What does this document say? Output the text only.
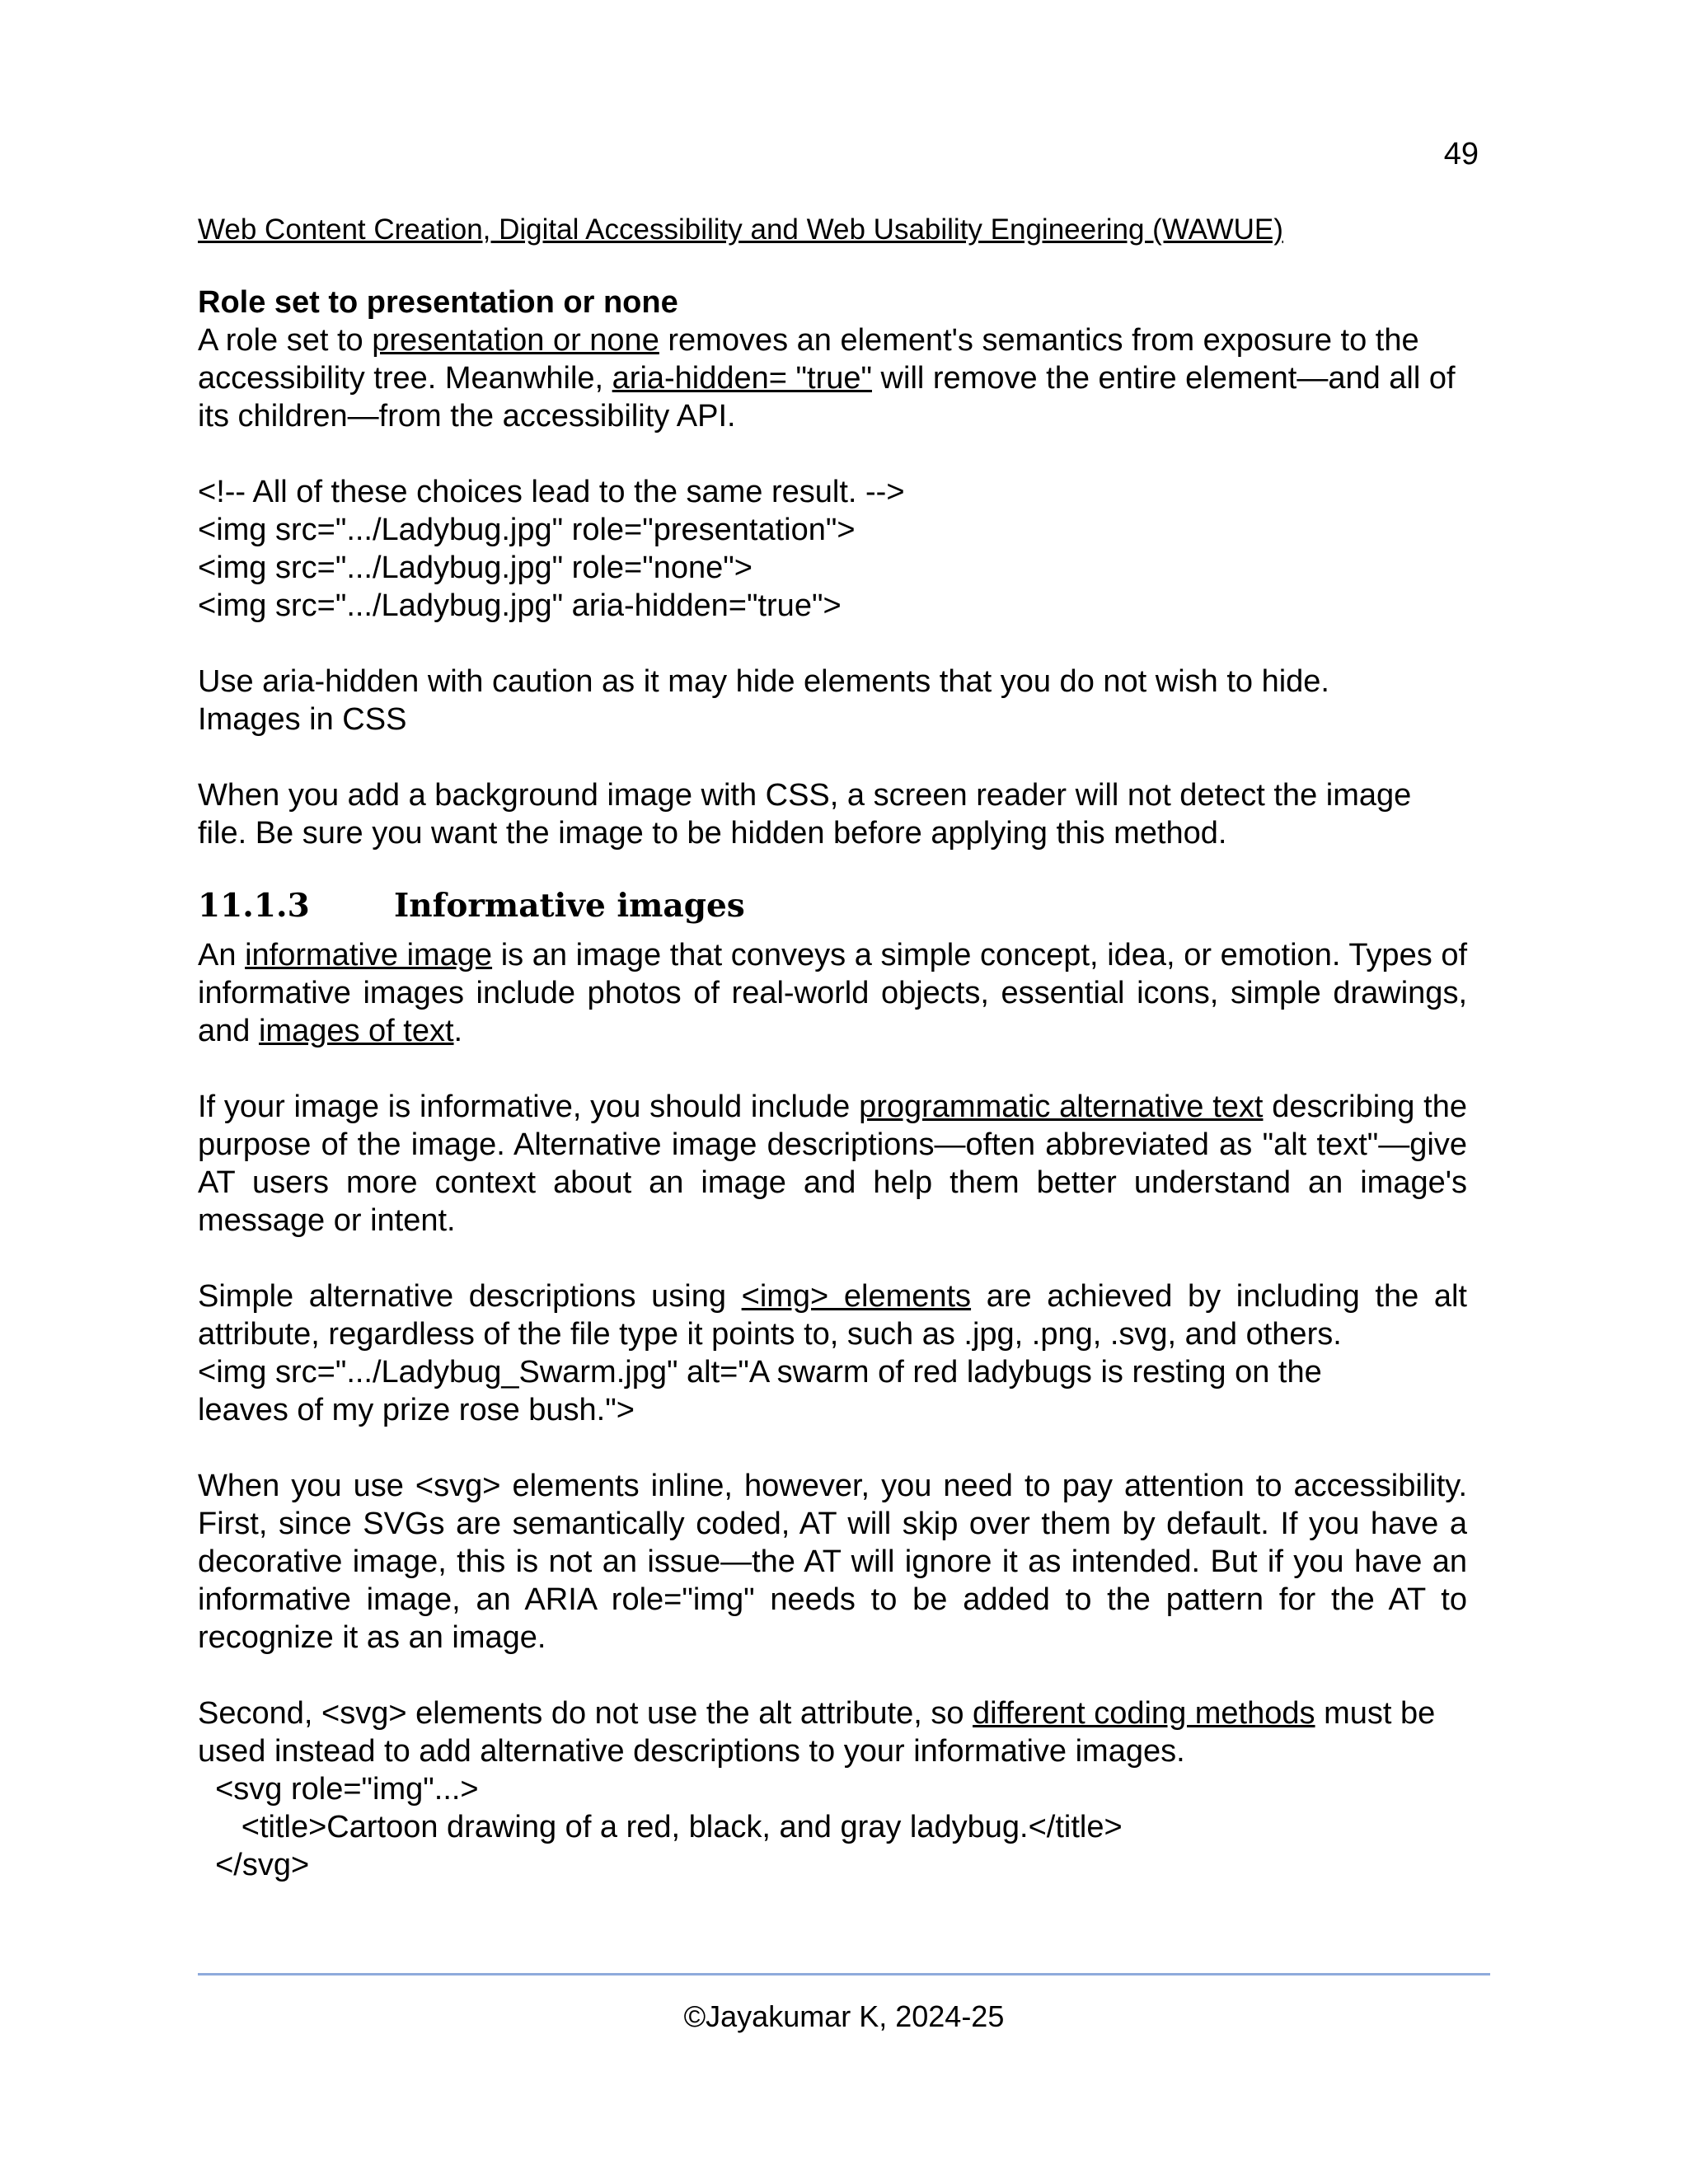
49
Web Content Creation, Digital Accessibility and Web Usability Engineering (WAWUE)
Role set to presentation or none
A role set to presentation or none removes an element's semantics from exposure to the accessibility tree. Meanwhile, aria-hidden= "true" will remove the entire element—and all of its children—from the accessibility API.
<!-- All of these choices lead to the same result. -->
<img src=".../Ladybug.jpg" role="presentation">
<img src=".../Ladybug.jpg" role="none">
<img src=".../Ladybug.jpg" aria-hidden="true">
Use aria-hidden with caution as it may hide elements that you do not wish to hide.
Images in CSS
When you add a background image with CSS, a screen reader will not detect the image file. Be sure you want the image to be hidden before applying this method.
11.1.3	Informative images
An informative image is an image that conveys a simple concept, idea, or emotion. Types of informative images include photos of real-world objects, essential icons, simple drawings, and images of text.
If your image is informative, you should include programmatic alternative text describing the purpose of the image. Alternative image descriptions—often abbreviated as "alt text"—give AT users more context about an image and help them better understand an image's message or intent.
Simple alternative descriptions using <img> elements are achieved by including the alt attribute, regardless of the file type it points to, such as .jpg, .png, .svg, and others.
<img src=".../Ladybug_Swarm.jpg" alt="A swarm of red ladybugs is resting on the
leaves of my prize rose bush.">
When you use <svg> elements inline, however, you need to pay attention to accessibility. First, since SVGs are semantically coded, AT will skip over them by default. If you have a decorative image, this is not an issue—the AT will ignore it as intended. But if you have an informative image, an ARIA role="img" needs to be added to the pattern for the AT to recognize it as an image.
Second, <svg> elements do not use the alt attribute, so different coding methods must be used instead to add alternative descriptions to your informative images.
<svg role="img"...>
<title>Cartoon drawing of a red, black, and gray ladybug.</title>
</svg>
©Jayakumar K, 2024-25
